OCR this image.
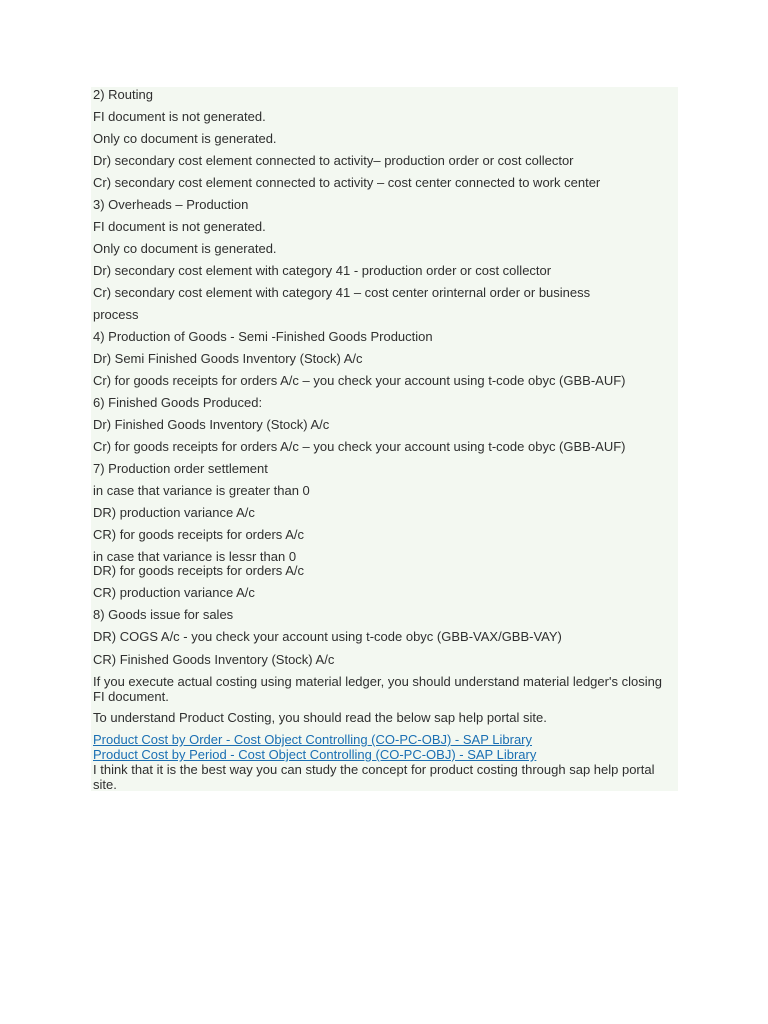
2) Routing
FI document is not generated.
Only co document is generated.
Dr) secondary cost element connected to activity– production order or cost collector
Cr) secondary cost element connected to activity – cost center connected to work center
3) Overheads – Production
FI document is not generated.
Only co document is generated.
Dr) secondary cost element with category 41 - production order or cost collector
Cr) secondary cost element with category 41 – cost center orinternal order or business
process
4) Production of Goods - Semi -Finished Goods Production
Dr) Semi Finished Goods Inventory (Stock) A/c
Cr) for goods receipts for orders A/c – you check your account using t-code obyc (GBB-AUF)
6) Finished Goods Produced:
Dr) Finished Goods Inventory (Stock) A/c
Cr) for goods receipts for orders A/c – you check your account using t-code obyc (GBB-AUF)
7) Production order settlement
in case that variance is greater than 0
DR) production variance A/c
CR) for goods receipts for orders A/c
in case that variance is lessr than 0
DR) for goods receipts for orders A/c
CR) production variance A/c
8) Goods issue for sales
DR) COGS A/c - you check your account using t-code obyc (GBB-VAX/GBB-VAY)
CR) Finished Goods Inventory (Stock) A/c
If you execute actual costing using material ledger, you should understand material ledger's closing FI document.
To understand Product Costing, you should read the below sap help portal site.
Product Cost by Order - Cost Object Controlling (CO-PC-OBJ) - SAP Library
Product Cost by Period - Cost Object Controlling (CO-PC-OBJ) - SAP Library
I think that it is the best way you can study the concept for product costing through sap help portal site.
